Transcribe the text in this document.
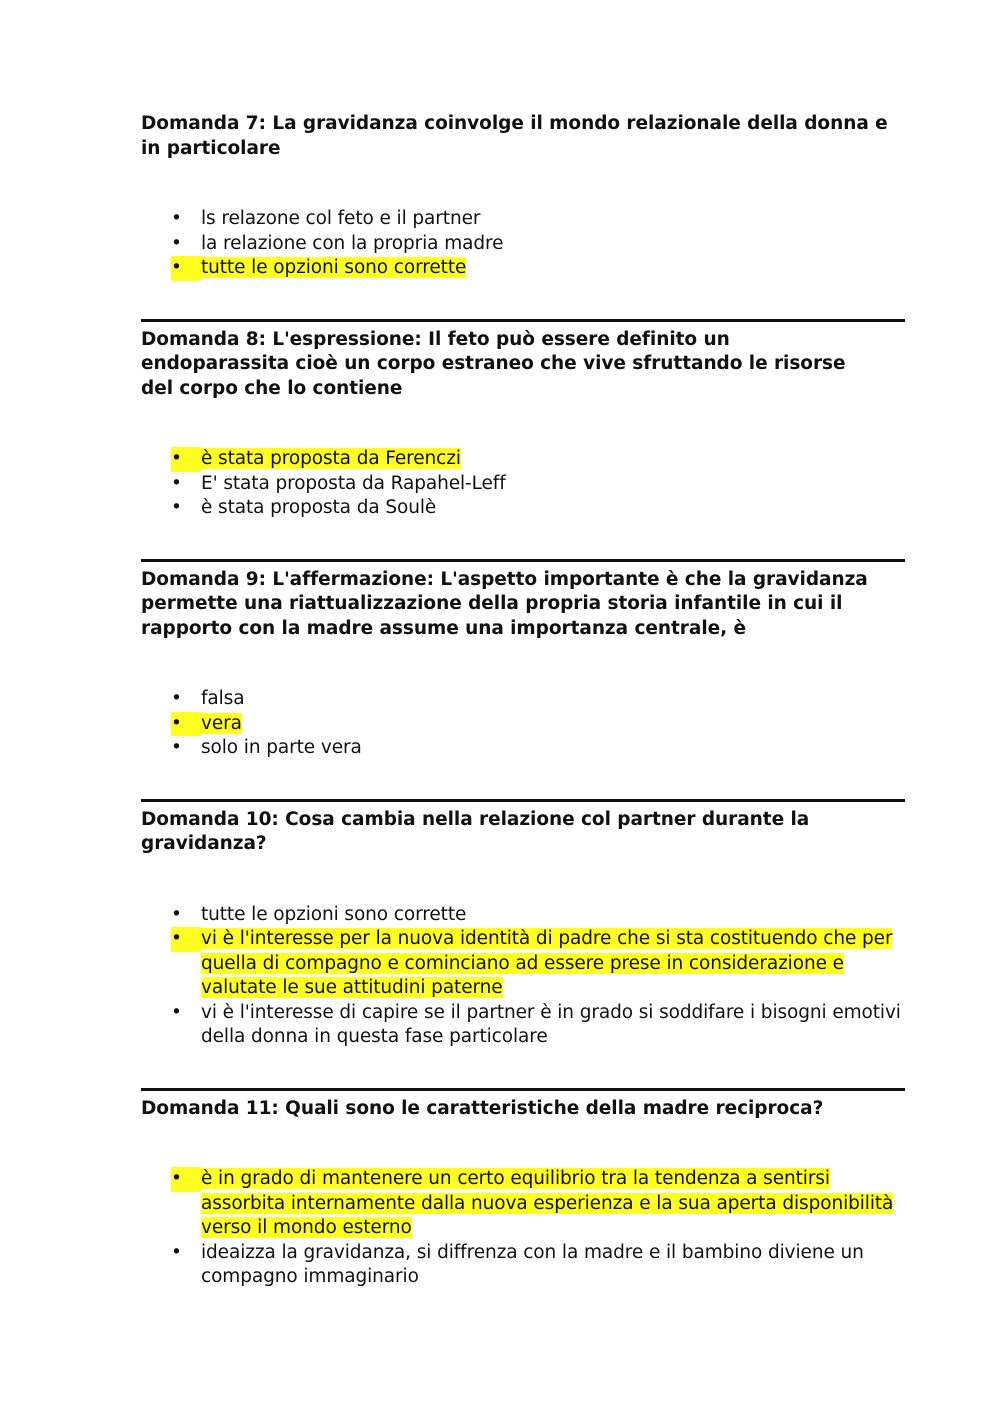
Domanda 7: La gravidanza coinvolge il mondo relazionale della donna e in particolare
•	ls relazone col feto e il partner
•	la relazione con la propria madre
•	tutte le opzioni sono corrette
Domanda 8: L'espressione: Il feto può essere definito un endoparassita cioè un corpo estraneo che vive sfruttando le risorse del corpo che lo contiene
•	è stata proposta da Ferenczi
•	E' stata proposta da Rapahel-Leff
•	è stata proposta da Soulè
Domanda 9: L'affermazione: L'aspetto importante è che la gravidanza permette una riattualizzazione della propria storia infantile in cui il rapporto con la madre assume una importanza centrale, è
•	falsa
•	vera
•	solo in parte vera
Domanda 10: Cosa cambia nella relazione col partner durante la gravidanza?
•	tutte le opzioni sono corrette
•	vi è l'interesse per la nuova identità di padre che si sta costituendo che per quella di compagno e cominciano ad essere prese in considerazione e valutate le sue attitudini paterne
•	vi è l'interesse di capire se il partner è in grado si soddifare i bisogni emotivi della donna in questa fase particolare
Domanda 11: Quali sono le caratteristiche della madre reciproca?
•	è in grado di mantenere un certo equilibrio tra la tendenza a sentirsi assorbita internamente dalla nuova esperienza e la sua aperta disponibilità verso il mondo esterno
•	ideaizza la gravidanza, si diffrenza con la madre e il bambino diviene un compagno immaginario
